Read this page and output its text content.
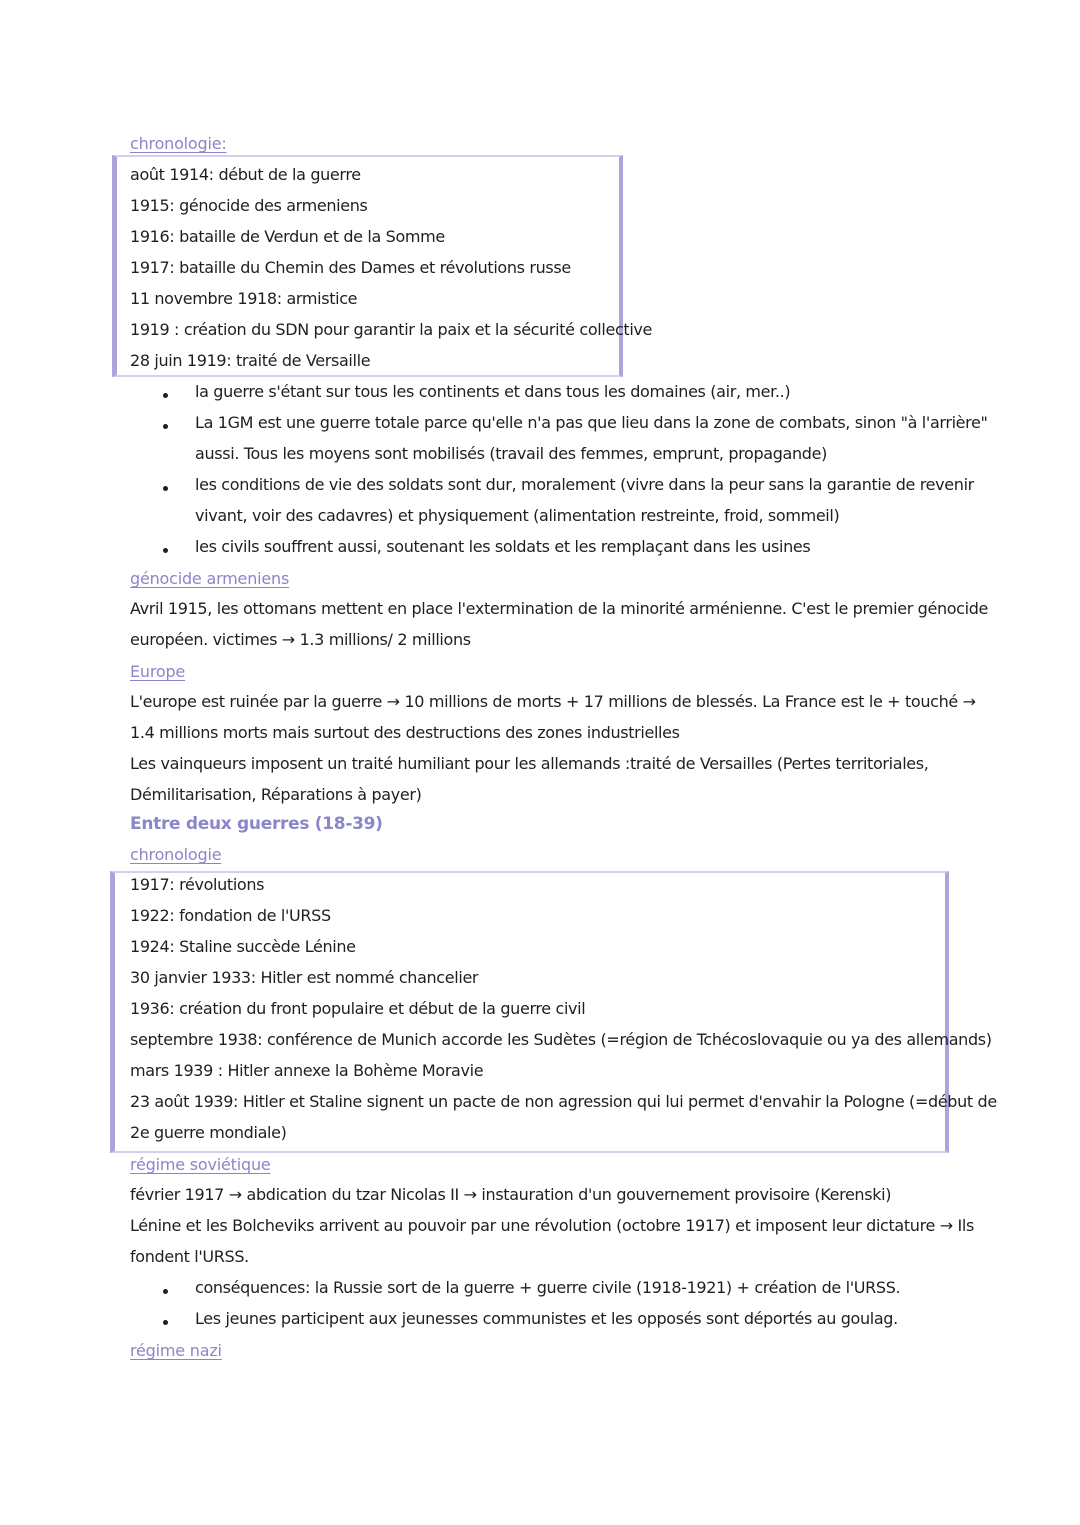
chronologie:
août 1914: début de la guerre
1915: génocide des armeniens
1916: bataille de Verdun et de la Somme
1917: bataille du Chemin des Dames et révolutions russe
11 novembre 1918: armistice
1919 : création du SDN pour garantir la paix et la sécurité collective
28 juin 1919: traité de Versaille
la guerre s'étant sur tous les continents et dans tous les domaines (air, mer..)
La 1GM est une guerre totale parce qu'elle n'a pas que lieu dans la zone de combats, sinon "à l'arrière"
aussi. Tous les moyens sont mobilisés (travail des femmes, emprunt, propagande)
les conditions de vie des soldats sont dur, moralement (vivre dans la peur sans la garantie de revenir
vivant, voir des cadavres) et physiquement (alimentation restreinte, froid, sommeil)
les civils souffrent aussi, soutenant les soldats et les remplaçant dans les usines
génocide armeniens
Avril 1915, les ottomans mettent en place l'extermination de la minorité arménienne. C'est le premier génocide
européen. victimes → 1.3 millions/ 2 millions
Europe
L'europe est ruinée par la guerre → 10 millions de morts + 17 millions de blessés. La France est le + touché →
1.4 millions morts mais surtout des destructions des zones industrielles
Les vainqueurs imposent un traité humiliant pour les allemands :traité de Versailles (Pertes territoriales,
Démilitarisation, Réparations à payer)
Entre deux guerres (18-39)
chronologie
1917: révolutions
1922: fondation de l'URSS
1924: Staline succède Lénine
30 janvier 1933: Hitler est nommé chancelier
1936: création du front populaire et début de la guerre civil
septembre 1938: conférence de Munich accorde les Sudètes (=région de Tchécoslovaquie ou ya des allemands)
mars 1939 : Hitler annexe la Bohème Moravie
23 août 1939: Hitler et Staline signent un pacte de non agression qui lui permet d'envahir la Pologne (=début de
2e guerre mondiale)
régime soviétique
février 1917 → abdication du tzar Nicolas II → instauration d'un gouvernement provisoire (Kerenski)
Lénine et les Bolcheviks arrivent au pouvoir par une révolution (octobre 1917) et imposent leur dictature → Ils
fondent l'URSS.
conséquences: la Russie sort de la guerre + guerre civile (1918-1921) + création de l'URSS.
Les jeunes participent aux jeunesses communistes et les opposés sont déportés au goulag.
régime nazi
